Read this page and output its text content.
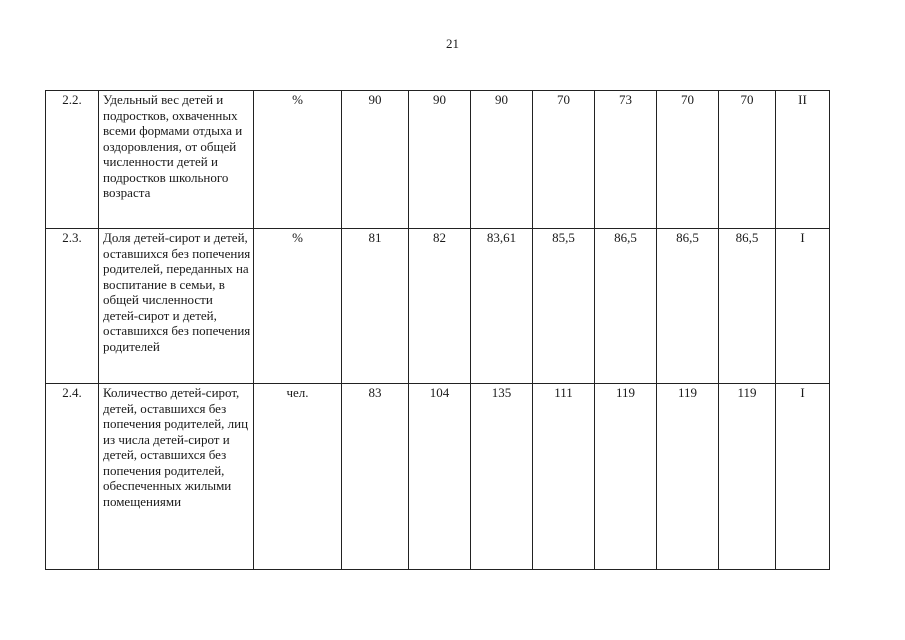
21
2.2.	Удельный вес детей и подростков, охваченных всеми формами отдыха и оздоровления, от общей численности детей и подростков школьного возраста	%	90	90	90	70	73	70	70	II
2.3.	Доля детей-сирот и детей, оставшихся без попечения родителей, переданных на воспитание в семьи, в общей численности детей-сирот и детей, оставшихся без попечения родителей	%	81	82	83,61	85,5	86,5	86,5	86,5	I
2.4.	Количество детей-сирот, детей, оставшихся без попечения родителей, лиц из числа детей-сирот и детей, оставшихся без попечения родителей, обеспеченных жилыми помещениями	чел.	83	104	135	111	119	119	119	I
